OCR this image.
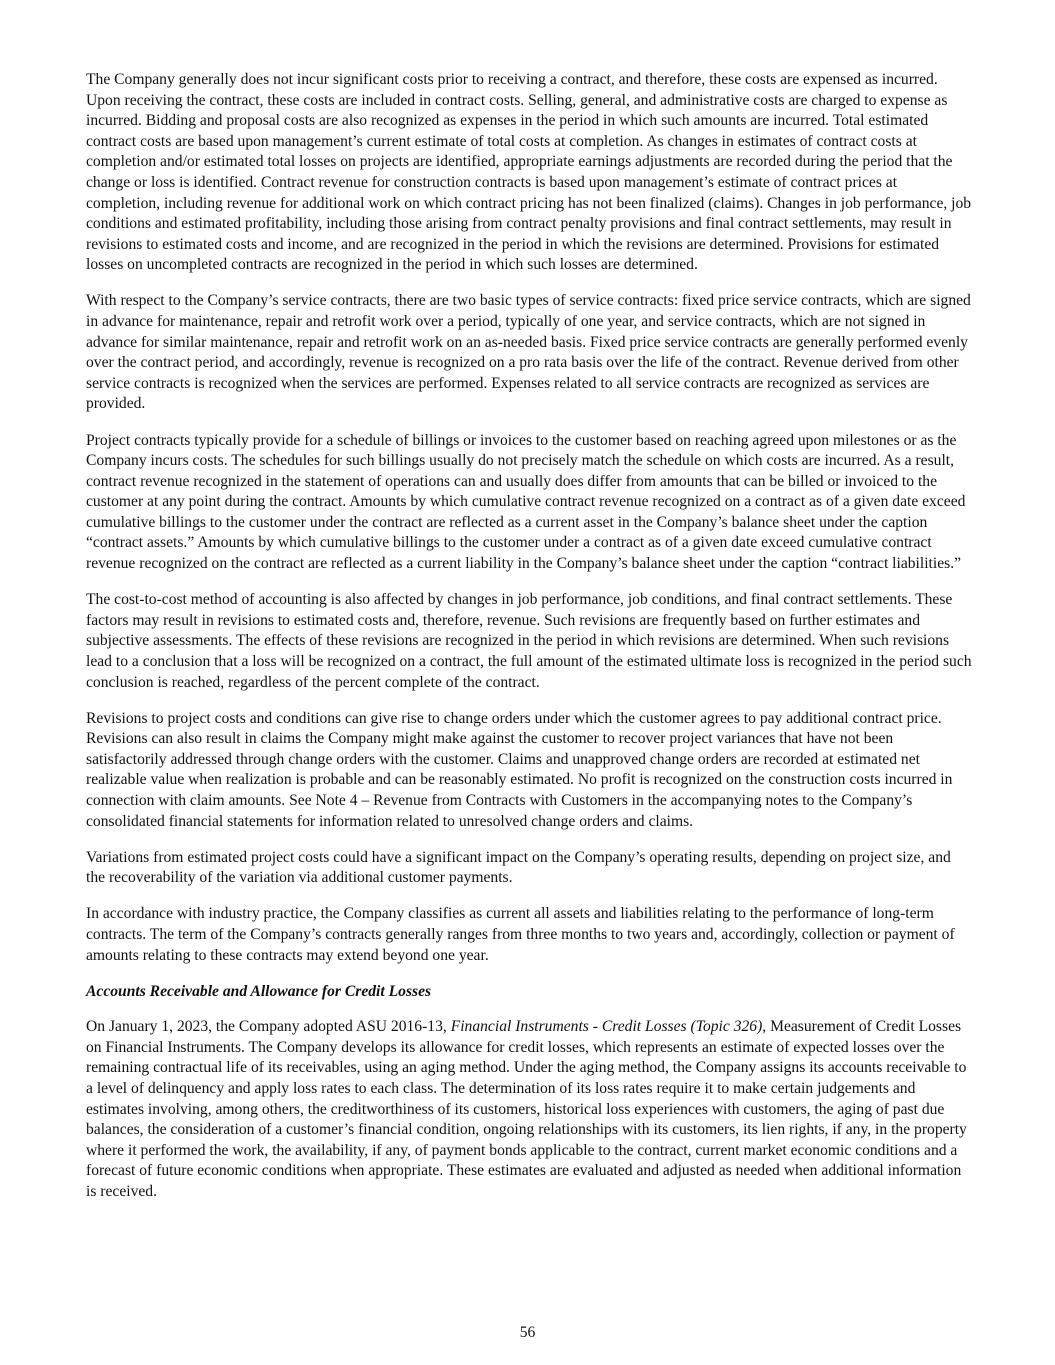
The Company generally does not incur significant costs prior to receiving a contract, and therefore, these costs are expensed as incurred. Upon receiving the contract, these costs are included in contract costs. Selling, general, and administrative costs are charged to expense as incurred. Bidding and proposal costs are also recognized as expenses in the period in which such amounts are incurred. Total estimated contract costs are based upon management’s current estimate of total costs at completion. As changes in estimates of contract costs at completion and/or estimated total losses on projects are identified, appropriate earnings adjustments are recorded during the period that the change or loss is identified. Contract revenue for construction contracts is based upon management’s estimate of contract prices at completion, including revenue for additional work on which contract pricing has not been finalized (claims). Changes in job performance, job conditions and estimated profitability, including those arising from contract penalty provisions and final contract settlements, may result in revisions to estimated costs and income, and are recognized in the period in which the revisions are determined. Provisions for estimated losses on uncompleted contracts are recognized in the period in which such losses are determined.

With respect to the Company’s service contracts, there are two basic types of service contracts: fixed price service contracts, which are signed in advance for maintenance, repair and retrofit work over a period, typically of one year, and service contracts, which are not signed in advance for similar maintenance, repair and retrofit work on an as-needed basis. Fixed price service contracts are generally performed evenly over the contract period, and accordingly, revenue is recognized on a pro rata basis over the life of the contract. Revenue derived from other service contracts is recognized when the services are performed. Expenses related to all service contracts are recognized as services are provided.

Project contracts typically provide for a schedule of billings or invoices to the customer based on reaching agreed upon milestones or as the Company incurs costs. The schedules for such billings usually do not precisely match the schedule on which costs are incurred. As a result, contract revenue recognized in the statement of operations can and usually does differ from amounts that can be billed or invoiced to the customer at any point during the contract. Amounts by which cumulative contract revenue recognized on a contract as of a given date exceed cumulative billings to the customer under the contract are reflected as a current asset in the Company’s balance sheet under the caption “contract assets.” Amounts by which cumulative billings to the customer under a contract as of a given date exceed cumulative contract revenue recognized on the contract are reflected as a current liability in the Company’s balance sheet under the caption “contract liabilities.”

The cost-to-cost method of accounting is also affected by changes in job performance, job conditions, and final contract settlements. These factors may result in revisions to estimated costs and, therefore, revenue. Such revisions are frequently based on further estimates and subjective assessments. The effects of these revisions are recognized in the period in which revisions are determined. When such revisions lead to a conclusion that a loss will be recognized on a contract, the full amount of the estimated ultimate loss is recognized in the period such conclusion is reached, regardless of the percent complete of the contract.

Revisions to project costs and conditions can give rise to change orders under which the customer agrees to pay additional contract price. Revisions can also result in claims the Company might make against the customer to recover project variances that have not been satisfactorily addressed through change orders with the customer. Claims and unapproved change orders are recorded at estimated net realizable value when realization is probable and can be reasonably estimated. No profit is recognized on the construction costs incurred in connection with claim amounts. See Note 4 – Revenue from Contracts with Customers in the accompanying notes to the Company’s consolidated financial statements for information related to unresolved change orders and claims.

Variations from estimated project costs could have a significant impact on the Company’s operating results, depending on project size, and the recoverability of the variation via additional customer payments.

In accordance with industry practice, the Company classifies as current all assets and liabilities relating to the performance of long-term contracts. The term of the Company’s contracts generally ranges from three months to two years and, accordingly, collection or payment of amounts relating to these contracts may extend beyond one year.

Accounts Receivable and Allowance for Credit Losses

On January 1, 2023, the Company adopted ASU 2016-13, Financial Instruments - Credit Losses (Topic 326), Measurement of Credit Losses on Financial Instruments. The Company develops its allowance for credit losses, which represents an estimate of expected losses over the remaining contractual life of its receivables, using an aging method. Under the aging method, the Company assigns its accounts receivable to a level of delinquency and apply loss rates to each class. The determination of its loss rates require it to make certain judgements and estimates involving, among others, the creditworthiness of its customers, historical loss experiences with customers, the aging of past due balances, the consideration of a customer’s financial condition, ongoing relationships with its customers, its lien rights, if any, in the property where it performed the work, the availability, if any, of payment bonds applicable to the contract, current market economic conditions and a forecast of future economic conditions when appropriate. These estimates are evaluated and adjusted as needed when additional information is received.

56
